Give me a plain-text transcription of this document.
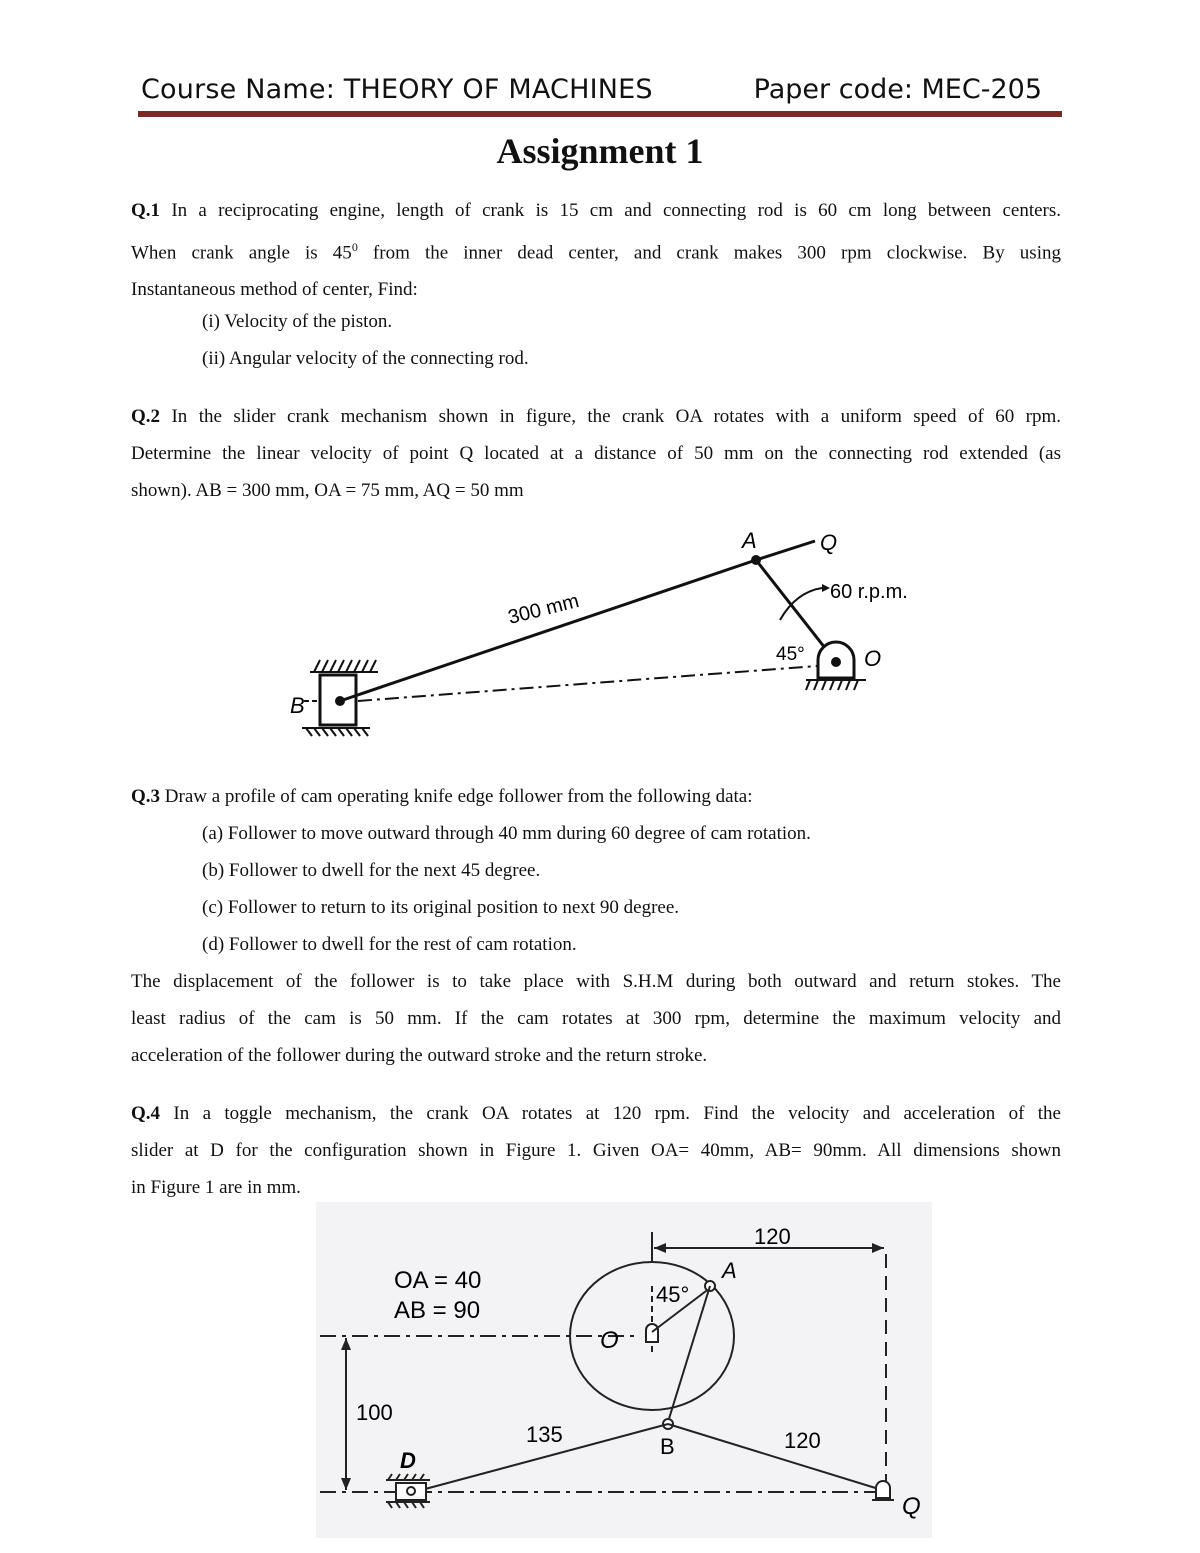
Course Name: THEORY OF MACHINES	Paper code: MEC-205
Assignment 1
Q.1 In a reciprocating engine, length of crank is 15 cm and connecting rod is 60 cm long between centers.
When crank angle is $45^0$ from the inner dead center, and crank makes 300 rpm clockwise. By using
Instantaneous method of center, Find:
(i) Velocity of the piston.
(ii) Angular velocity of the connecting rod.
Q.2 In the slider crank mechanism shown in figure, the crank OA rotates with a uniform speed of 60 rpm.
Determine the linear velocity of point Q located at a distance of 50 mm on the connecting rod extended (as
shown). AB = 300 mm, OA = 75 mm, AQ = 50 mm
B
A	Q
300 mm	60 r.p.m.
45°	O
Q.3 Draw a profile of cam operating knife edge follower from the following data:
(a) Follower to move outward through 40 mm during 60 degree of cam rotation.
(b) Follower to dwell for the next 45 degree.
(c) Follower to return to its original position to next 90 degree.
(d) Follower to dwell for the rest of cam rotation.
The displacement of the follower is to take place with S.H.M during both outward and return stokes. The
least radius of the cam is 50 mm. If the cam rotates at 300 rpm, determine the maximum velocity and
acceleration of the follower during the outward stroke and the return stroke.
Q.4 In a toggle mechanism, the crank OA rotates at 120 rpm. Find the velocity and acceleration of the
slider at D for the configuration shown in Figure 1. Given OA= 40mm, AB= 90mm. All dimensions shown
in Figure 1 are in mm.
OA = 40
AB = 90
120
O
45°
A
B
135	120
100
D
Q
